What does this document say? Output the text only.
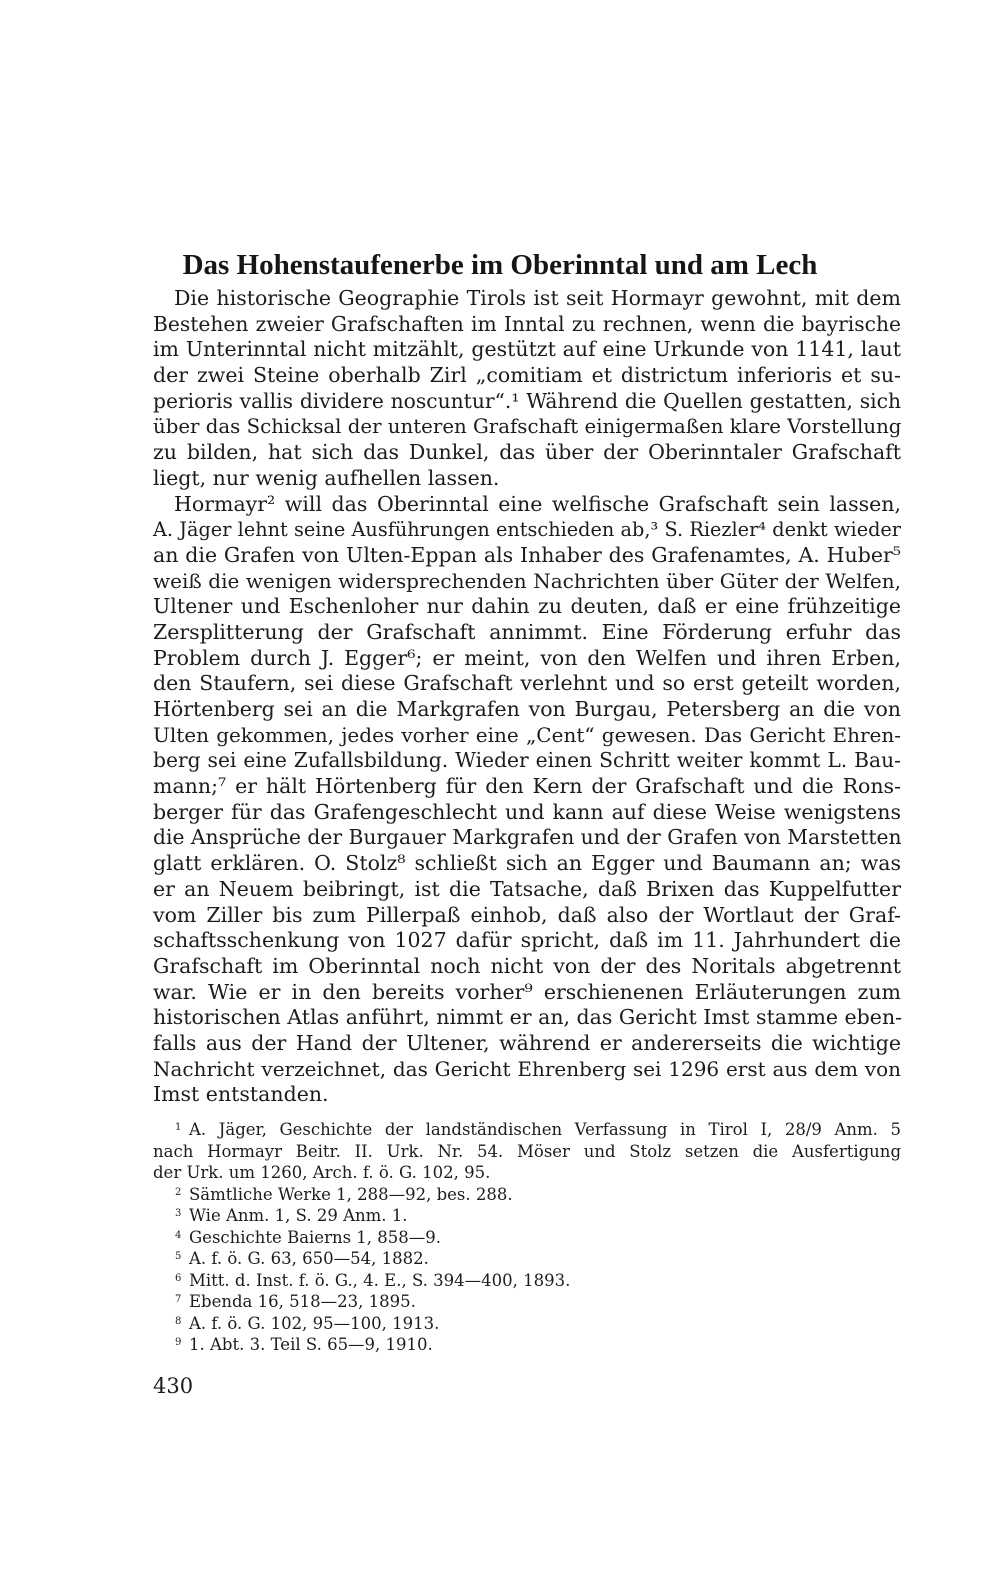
Das Hohenstaufenerbe im Oberinntal und am Lech
Die historische Geographie Tirols ist seit Hormayr gewohnt, mit dem
Bestehen zweier Grafschaften im Inntal zu rechnen, wenn die bayrische
im Unterinntal nicht mitzählt, gestützt auf eine Urkunde von 1141, laut
der zwei Steine oberhalb Zirl „comitiam et districtum inferioris et su-
perioris vallis dividere noscuntur“.¹ Während die Quellen gestatten, sich
über das Schicksal der unteren Grafschaft einigermaßen klare Vorstellung
zu bilden, hat sich das Dunkel, das über der Oberinntaler Grafschaft
liegt, nur wenig aufhellen lassen.
Hormayr² will das Oberinntal eine welfische Grafschaft sein lassen,
A. Jäger lehnt seine Ausführungen entschieden ab,³ S. Riezler⁴ denkt wieder
an die Grafen von Ulten-Eppan als Inhaber des Grafenamtes, A. Huber⁵
weiß die wenigen widersprechenden Nachrichten über Güter der Welfen,
Ultener und Eschenloher nur dahin zu deuten, daß er eine frühzeitige
Zersplitterung der Grafschaft annimmt. Eine Förderung erfuhr das
Problem durch J. Egger⁶; er meint, von den Welfen und ihren Erben,
den Staufern, sei diese Grafschaft verlehnt und so erst geteilt worden,
Hörtenberg sei an die Markgrafen von Burgau, Petersberg an die von
Ulten gekommen, jedes vorher eine „Cent“ gewesen. Das Gericht Ehren-
berg sei eine Zufallsbildung. Wieder einen Schritt weiter kommt L. Bau-
mann;⁷ er hält Hörtenberg für den Kern der Grafschaft und die Rons-
berger für das Grafengeschlecht und kann auf diese Weise wenigstens
die Ansprüche der Burgauer Markgrafen und der Grafen von Marstetten
glatt erklären. O. Stolz⁸ schließt sich an Egger und Baumann an; was
er an Neuem beibringt, ist die Tatsache, daß Brixen das Kuppelfutter
vom Ziller bis zum Pillerpaß einhob, daß also der Wortlaut der Graf-
schaftsschenkung von 1027 dafür spricht, daß im 11. Jahrhundert die
Grafschaft im Oberinntal noch nicht von der des Noritals abgetrennt
war. Wie er in den bereits vorher⁹ erschienenen Erläuterungen zum
historischen Atlas anführt, nimmt er an, das Gericht Imst stamme eben-
falls aus der Hand der Ultener, während er andererseits die wichtige
Nachricht verzeichnet, das Gericht Ehrenberg sei 1296 erst aus dem von
Imst entstanden.
1 A. Jäger, Geschichte der landständischen Verfassung in Tirol I, 28/9 Anm. 5
nach Hormayr Beitr. II. Urk. Nr. 54. Möser und Stolz setzen die Ausfertigung
der Urk. um 1260, Arch. f. ö. G. 102, 95.
2 Sämtliche Werke 1, 288—92, bes. 288.
3 Wie Anm. 1, S. 29 Anm. 1.
4 Geschichte Baierns 1, 858—9.
5 A. f. ö. G. 63, 650—54, 1882.
6 Mitt. d. Inst. f. ö. G., 4. E., S. 394—400, 1893.
7 Ebenda 16, 518—23, 1895.
8 A. f. ö. G. 102, 95—100, 1913.
9 1. Abt. 3. Teil S. 65—9, 1910.
430
